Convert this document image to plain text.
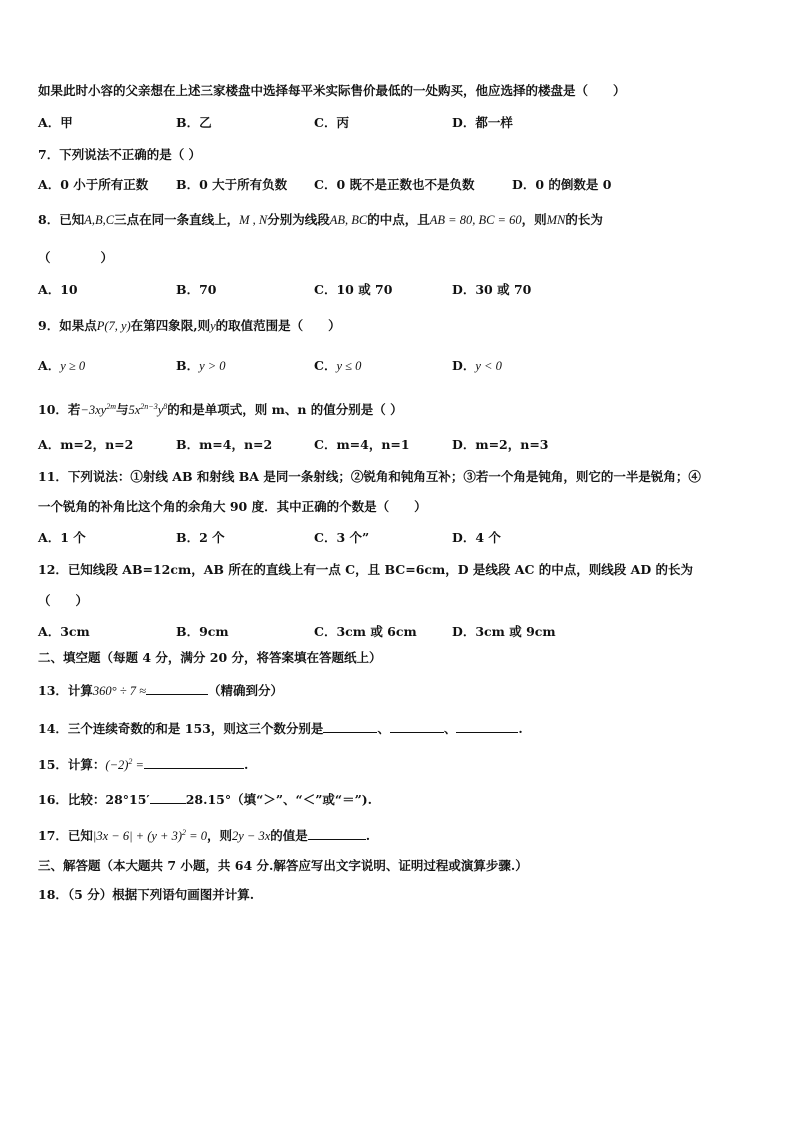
如果此时小容的父亲想在上述三家楼盘中选择每平米实际售价最低的一处购买，他应选择的楼盘是（　　）
A．甲	B．乙	C．丙	D．都一样
7．下列说法不正确的是（ ）
A．0 小于所有正数 B．0 大于所有负数 C．0 既不是正数也不是负数	D．0 的倒数是 0
8．已知A,B,C三点在同一条直线上，M , N分别为线段AB, BC的中点，且AB = 80, BC = 60，则MN的长为
（　　　　）
A．10	B．70	C．10 或 70	D．30 或 70
9．如果点P(7, y)在第四象限,则y的取值范围是（　　）
A．y ≥ 0	B．y > 0	C．y ≤ 0	D．y < 0
10．若$-3xy^{2m}$与$5x^{2n-3}y^8$的和是单项式，则 m、n 的值分别是（ ）
A．m=2，n=2	B．m=4，n=2	C．m=4，n=1	D．m=2，n=3
11．下列说法：①射线 AB 和射线 BA 是同一条射线；②锐角和钝角互补；③若一个角是钝角，则它的一半是锐角；④
一个锐角的补角比这个角的余角大 90 度．其中正确的个数是（　　）
A．1 个	B．2 个	C．3 个”	D．4 个
12．已知线段 AB=12cm，AB 所在的直线上有一点 C，且 BC=6cm，D 是线段 AC 的中点，则线段 AD 的长为
（　　）
A．3cm	B．9cm	C．3cm 或 6cm	D．3cm 或 9cm
二、填空题（每题 4 分，满分 20 分，将答案填在答题纸上）
13．计算360° ÷ 7 ≈	（精确到分）
14．三个连续奇数的和是 153，则这三个数分别是	、	、	.
15．计算：$(-2)^2$ =	.
16．比较：28°15′	28.15°（填“＞”、“＜”或“＝”).
17．已知$|3x - 6| + (y + 3)^2 = 0$，则2y − 3x的值是	.
三、解答题（本大题共 7 小题，共 64 分.解答应写出文字说明、证明过程或演算步骤.）
18．（5 分）根据下列语句画图并计算.
